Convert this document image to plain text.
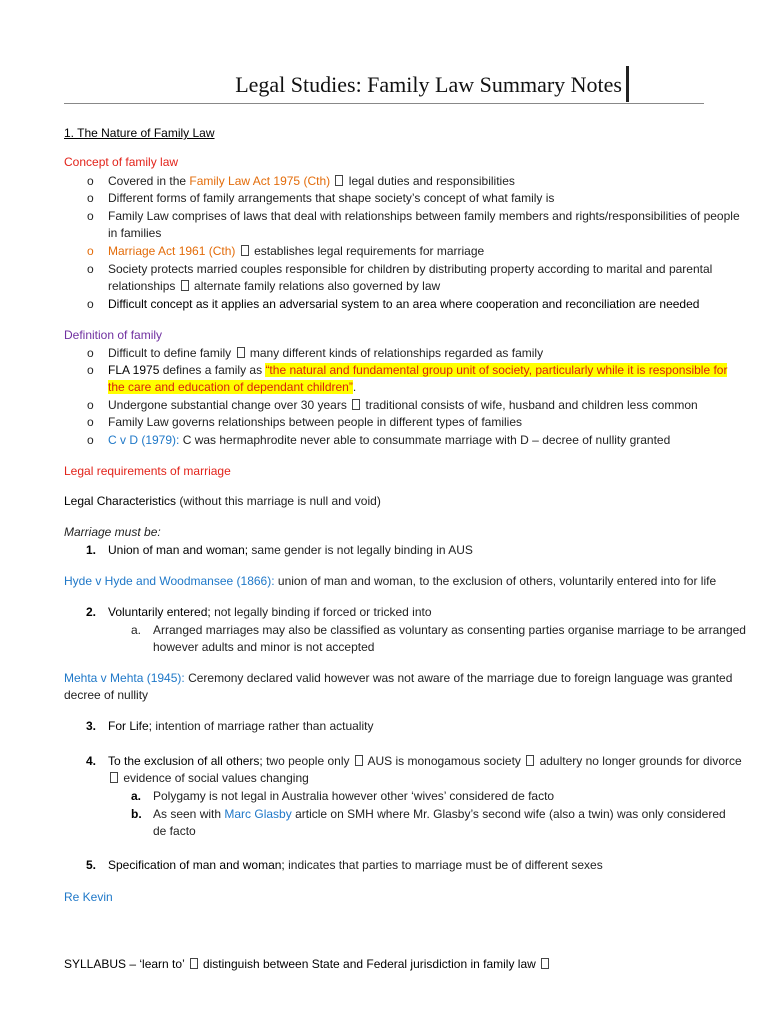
Legal Studies: Family Law Summary Notes
1. The Nature of Family Law
Concept of family law
o Covered in the Family Law Act 1975 (Cth)  legal duties and responsibilities
o Different forms of family arrangements that shape society’s concept of what family is
o Family Law comprises of laws that deal with relationships between family members and rights/responsibilities of people
in families
o Marriage Act 1961 (Cth)  establishes legal requirements for marriage
o Society protects married couples responsible for children by distributing property according to marital and parental
relationships  alternate family relations also governed by law
o Difficult concept as it applies an adversarial system to an area where cooperation and reconciliation are needed
Definition of family
o Difficult to define family  many different kinds of relationships regarded as family
o FLA 1975 defines a family as “the natural and fundamental group unit of society, particularly while it is responsible for
the care and education of dependant children”.
o Undergone substantial change over 30 years  traditional consists of wife, husband and children less common
o Family Law governs relationships between people in different types of families
o C v D (1979): C was hermaphrodite never able to consummate marriage with D – decree of nullity granted
Legal requirements of marriage
Legal Characteristics (without this marriage is null and void)
Marriage must be:
1. Union of man and woman; same gender is not legally binding in AUS
Hyde v Hyde and Woodmansee (1866): union of man and woman, to the exclusion of others, voluntarily entered into for life
2. Voluntarily entered; not legally binding if forced or tricked into
a. Arranged marriages may also be classified as voluntary as consenting parties organise marriage to be arranged
however adults and minor is not accepted
Mehta v Mehta (1945): Ceremony declared valid however was not aware of the marriage due to foreign language was granted
decree of nullity
3. For Life; intention of marriage rather than actuality
4. To the exclusion of all others; two people only  AUS is monogamous society  adultery no longer grounds for divorce
evidence of social values changing
a. Polygamy is not legal in Australia however other ‘wives’ considered de facto
b. As seen with Marc Glasby article on SMH where Mr. Glasby’s second wife (also a twin) was only considered
de facto
5. Specification of man and woman; indicates that parties to marriage must be of different sexes
Re Kevin
SYLLABUS – ‘learn to’  distinguish between State and Federal jurisdiction in family law
